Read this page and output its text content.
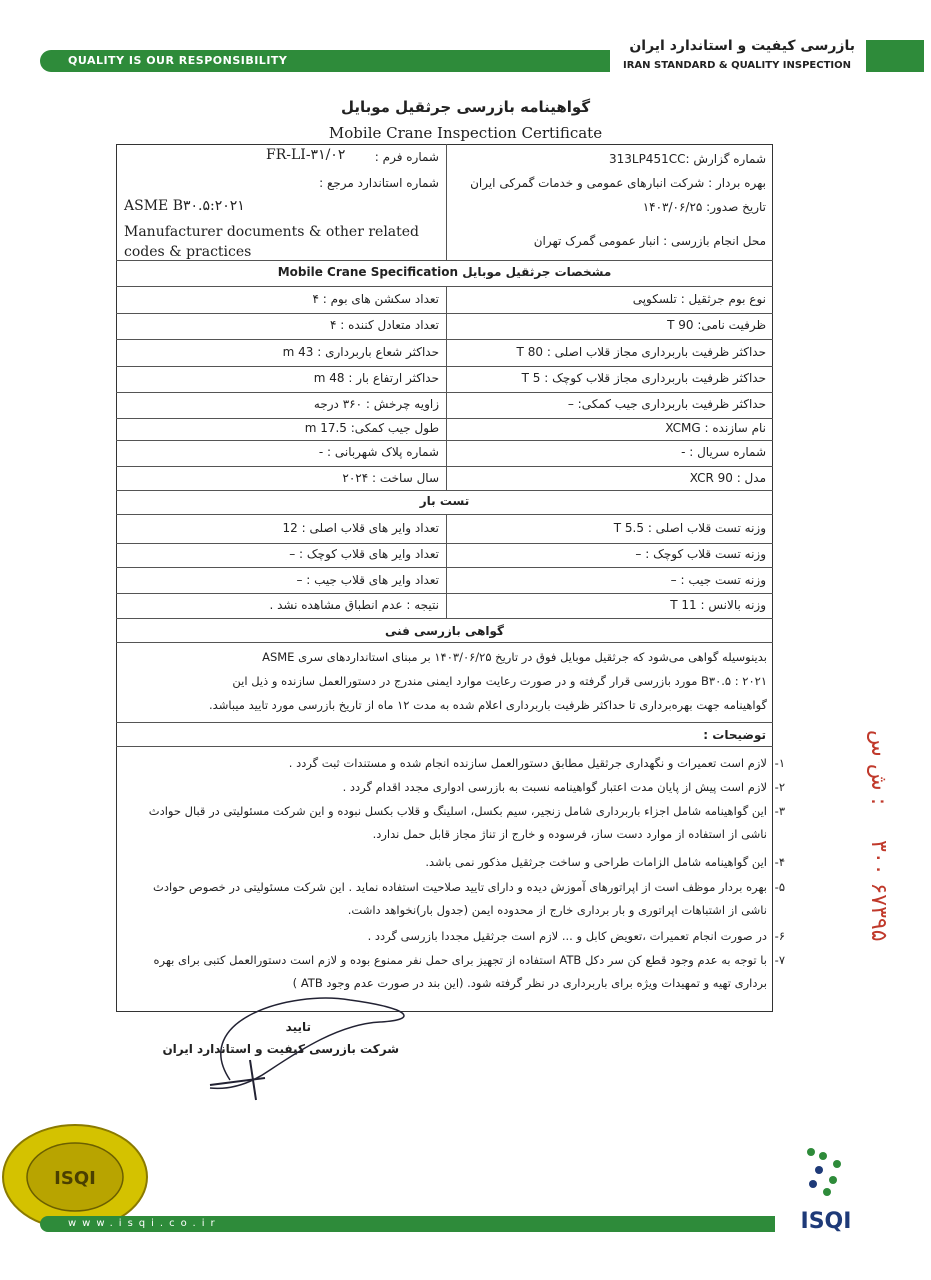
QUALITY IS OUR RESPONSIBILITY
بازرسی کیفیت و استاندارد ایران
IRAN STANDARD & QUALITY INSPECTION
گواهینامه بازرسی جرثقیل موبایل
Mobile Crane Inspection Certificate
شماره گزارش :313LP451CC
بهره بردار : شرکت انبارهای عمومی و خدمات گمرکی ایران
تاریخ صدور: ۱۴۰۳/۰۶/۲۵
محل انجام بازرسی : انبار عمومی گمرک تهران
شماره فرم :
FR-LI-۳۱/۰۲
شماره استاندارد مرجع :
ASME B۳۰.۵:۲۰۲۱
Manufacturer documents & other related
codes & practices
مشخصات جرثقیل موبایل Mobile Crane Specification
نوع بوم جرثقیل : تلسکوپی
ظرفیت نامی: 90 T
حداکثر ظرفیت باربرداری مجاز قلاب اصلی : 80 T
حداکثر ظرفیت باربرداری مجاز قلاب کوچک : 5 T
حداکثر ظرفیت باربرداری جیب کمکی: –
نام سازنده : XCMG
شماره سریال : -
مدل : XCR 90
تعداد سکشن های بوم : ۴
تعداد متعادل کننده : ۴
حداکثر شعاع باربرداری : 43 m
حداکثر ارتفاع بار : 48 m
زاویه چرخش : ۳۶۰ درجه
طول جیب کمکی: 17.5 m
شماره پلاک شهربانی : -
سال ساخت : ۲۰۲۴
تست بار
وزنه تست قلاب اصلی : 5.5 T
وزنه تست قلاب کوچک : –
وزنه تست جیب : –
وزنه بالانس : 11 T
تعداد وایر های قلاب اصلی : 12
تعداد وایر های قلاب کوچک : –
تعداد وایر های قلاب جیب : –
نتیجه : عدم انطباق مشاهده نشد .
گواهی بازرسی فنی
بدینوسیله گواهی می‌شود که جرثقیل موبایل فوق در تاریخ ۱۴۰۳/۰۶/۲۵ بر مبنای استانداردهای سری ASME
B۳۰.۵ : ۲۰۲۱ مورد بازرسی قرار گرفته و در صورت رعایت موارد ایمنی مندرج در دستورالعمل سازنده و ذیل این
گواهینامه جهت بهره‌برداری تا حداکثر ظرفیت باربرداری اعلام شده به مدت ۱۲ ماه از تاریخ بازرسی مورد تایید میباشد.
توضیحات :
۱-
لازم است تعمیرات و نگهداری جرثقیل مطابق دستورالعمل سازنده انجام شده و مستندات ثبت گردد .
۲-
لازم است پیش از پایان مدت اعتبار گواهینامه نسبت به بازرسی ادواری مجدد اقدام گردد .
۳-
این گواهینامه شامل اجزاء باربرداری شامل زنجیر، سیم بکسل، اسلینگ و قلاب بکسل نبوده و این شرکت مسئولیتی در قبال حوادث ناشی از استفاده از موارد دست ساز، فرسوده و خارج از تناژ مجاز قابل حمل ندارد.
۴-
این گواهینامه شامل الزامات طراحی و ساخت جرثقیل مذکور نمی باشد.
۵-
بهره بردار موظف است از اپراتورهای آموزش دیده و دارای تایید صلاحیت استفاده نماید . این شرکت مسئولیتی در خصوص حوادث ناشی از اشتباهات اپراتوری و بار برداری خارج از محدوده ایمن (جدول بار)نخواهد داشت.
۶-
در صورت انجام تعمیرات ،تعویض کابل و ... لازم است جرثقیل مجددا بازرسی گردد .
۷-
با توجه به عدم وجود قطع کن سر دکل ATB استفاده از تجهیز برای حمل نفر ممنوع بوده و لازم است دستورالعمل کتبی برای بهره برداری تهیه و تمهیدات ویژه برای باربرداری در نظر گرفته شود. (این بند در صورت عدم وجود ATB )
تایید
شرکت بازرسی کیفیت و استاندارد ایران
ش س :
۳۰۰ ۶۷۳۹۵
ISQI
ISQI
www.isqi.co.ir
